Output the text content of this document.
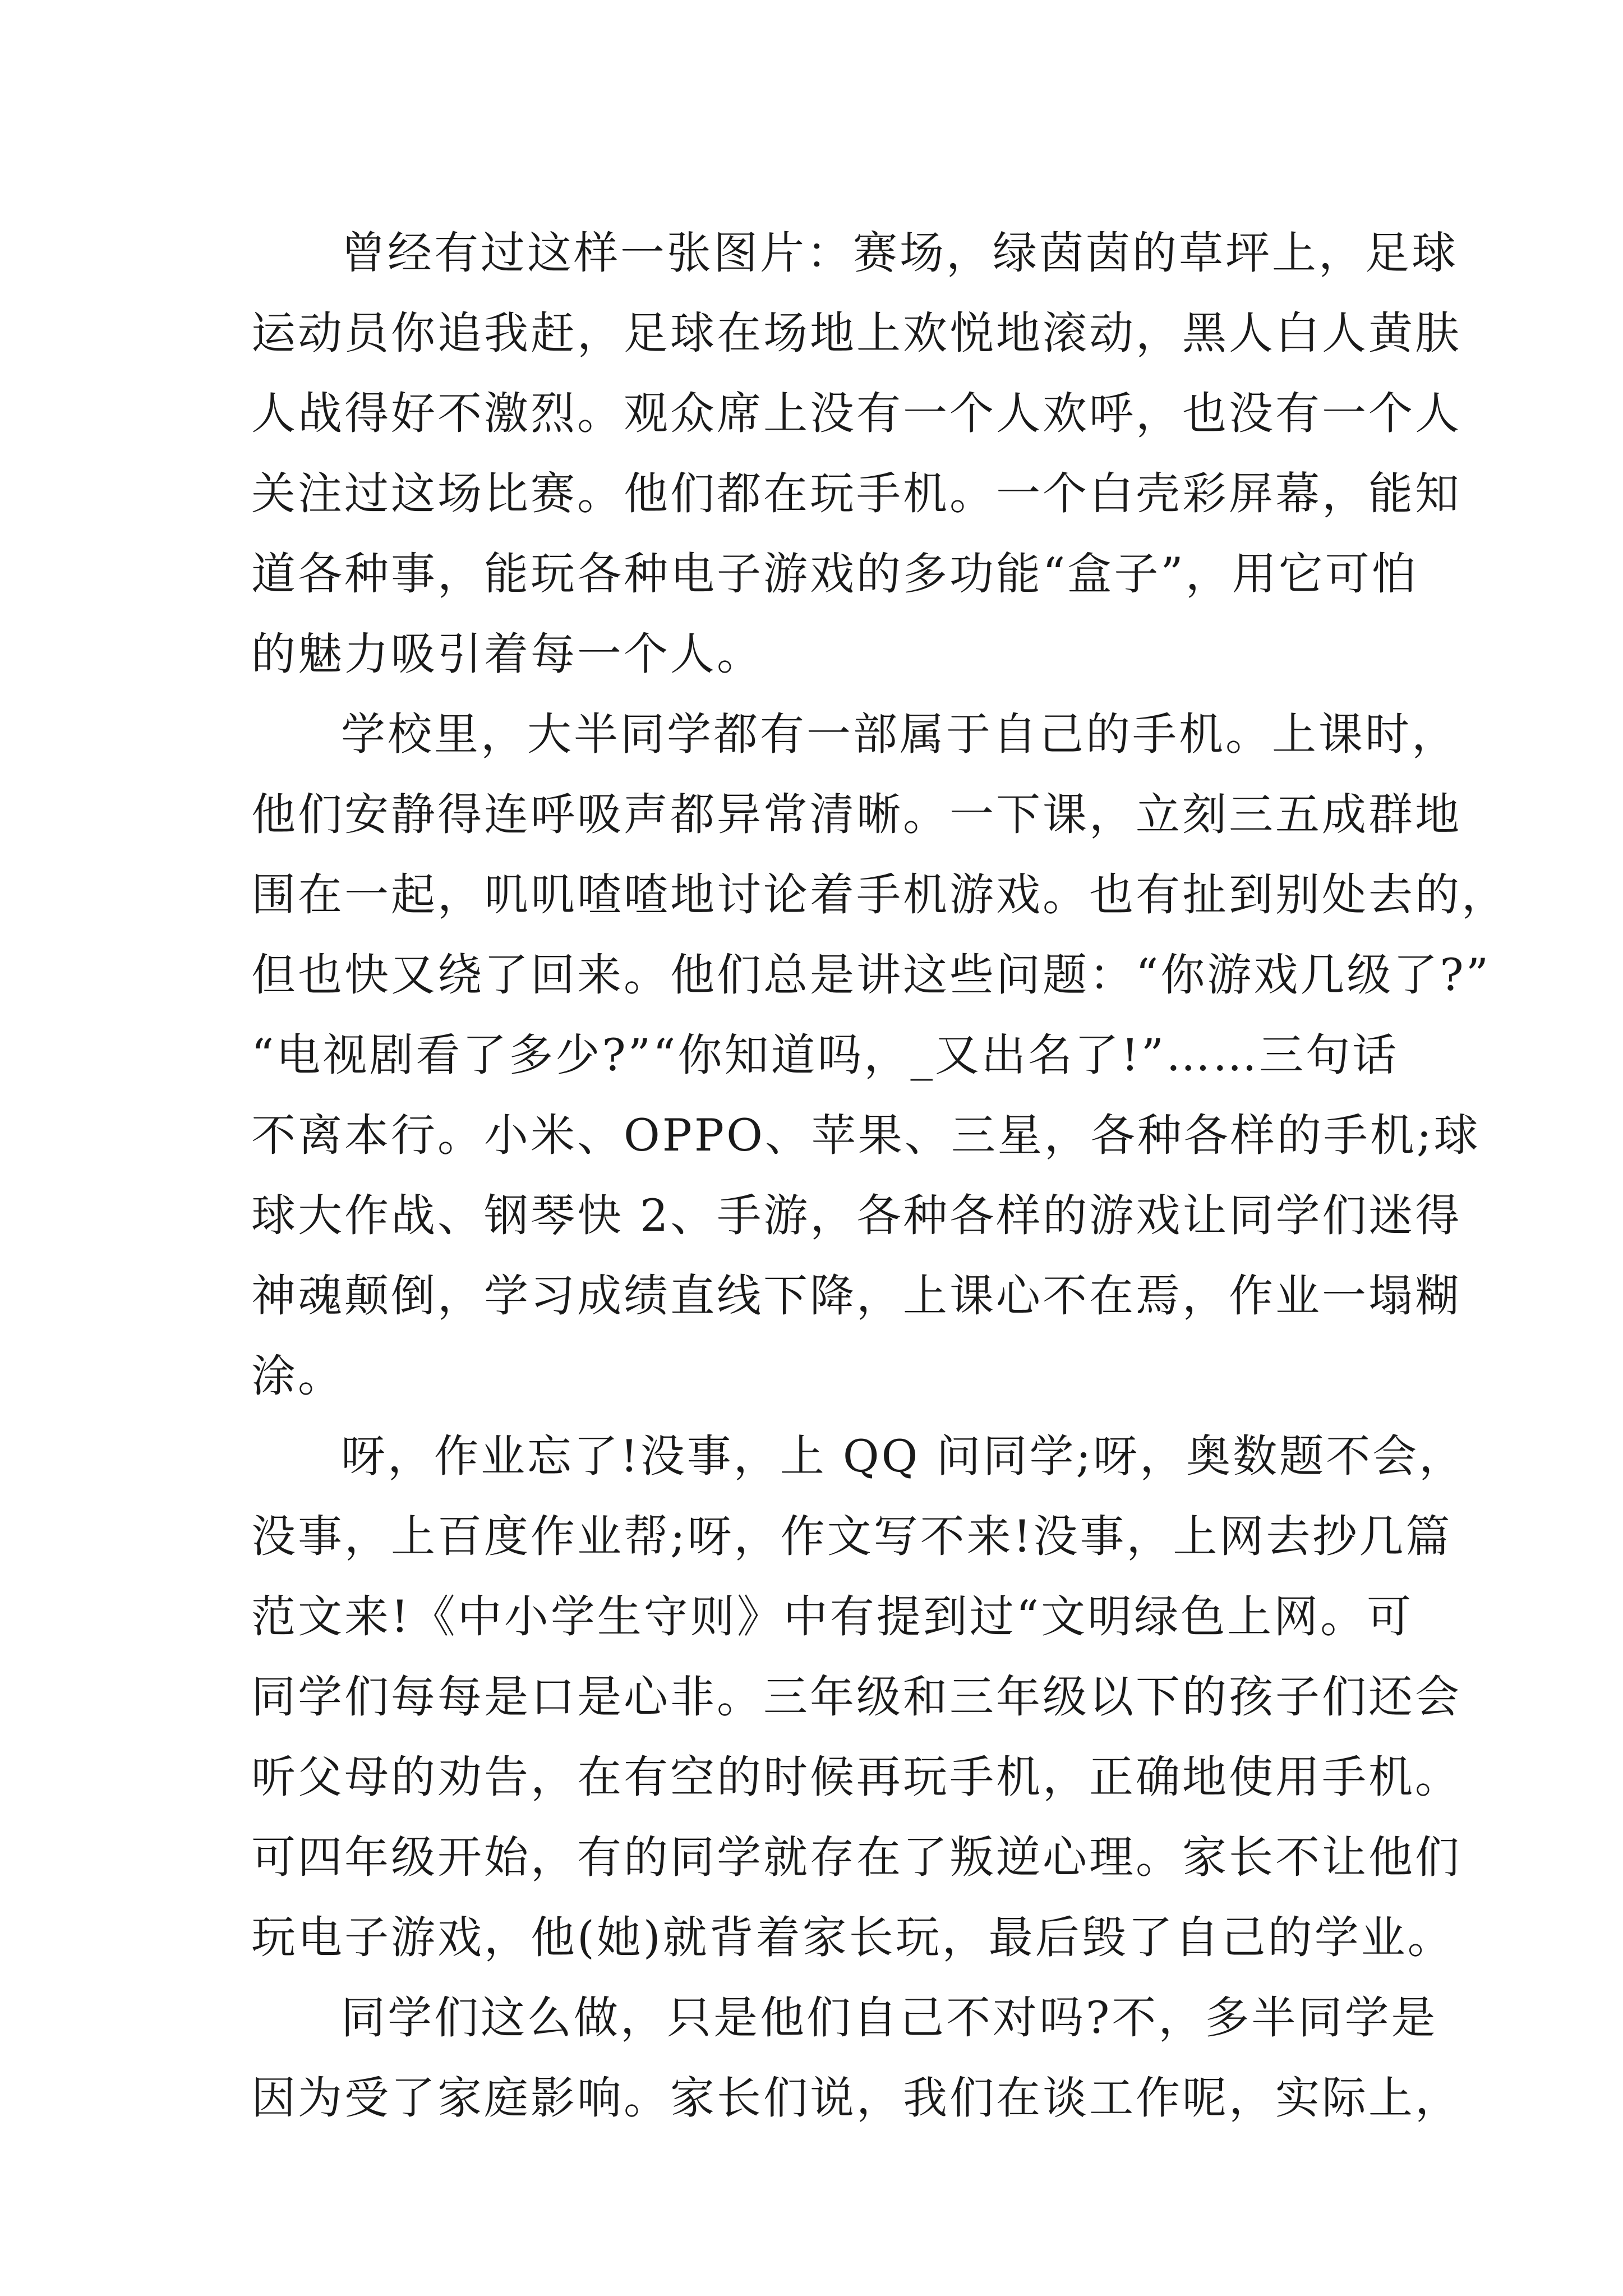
曾经有过这样一张图片：赛场，绿茵茵的草坪上，足球
运动员你追我赶，足球在场地上欢悦地滚动，黑人白人黄肤
人战得好不激烈。观众席上没有一个人欢呼，也没有一个人
关注过这场比赛。他们都在玩手机。一个白壳彩屏幕，能知
道各种事，能玩各种电子游戏的多功能“盒子”，用它可怕
的魅力吸引着每一个人。
学校里，大半同学都有一部属于自己的手机。上课时，
他们安静得连呼吸声都异常清晰。一下课，立刻三五成群地
围在一起，叽叽喳喳地讨论着手机游戏。也有扯到别处去的，
但也快又绕了回来。他们总是讲这些问题：“你游戏几级了?”
“电视剧看了多少?”“你知道吗，_又出名了!”……三句话
不离本行。小米、OPPO、苹果、三星，各种各样的手机;球
球大作战、钢琴快 2、手游，各种各样的游戏让同学们迷得
神魂颠倒，学习成绩直线下降，上课心不在焉，作业一塌糊
涂。
呀，作业忘了!没事，上 QQ 问同学;呀，奥数题不会，
没事，上百度作业帮;呀，作文写不来!没事，上网去抄几篇
范文来!《中小学生守则》中有提到过“文明绿色上网。可
同学们每每是口是心非。三年级和三年级以下的孩子们还会
听父母的劝告，在有空的时候再玩手机，正确地使用手机。
可四年级开始，有的同学就存在了叛逆心理。家长不让他们
玩电子游戏，他(她)就背着家长玩，最后毁了自己的学业。
同学们这么做，只是他们自己不对吗?不，多半同学是
因为受了家庭影响。家长们说，我们在谈工作呢，实际上，
